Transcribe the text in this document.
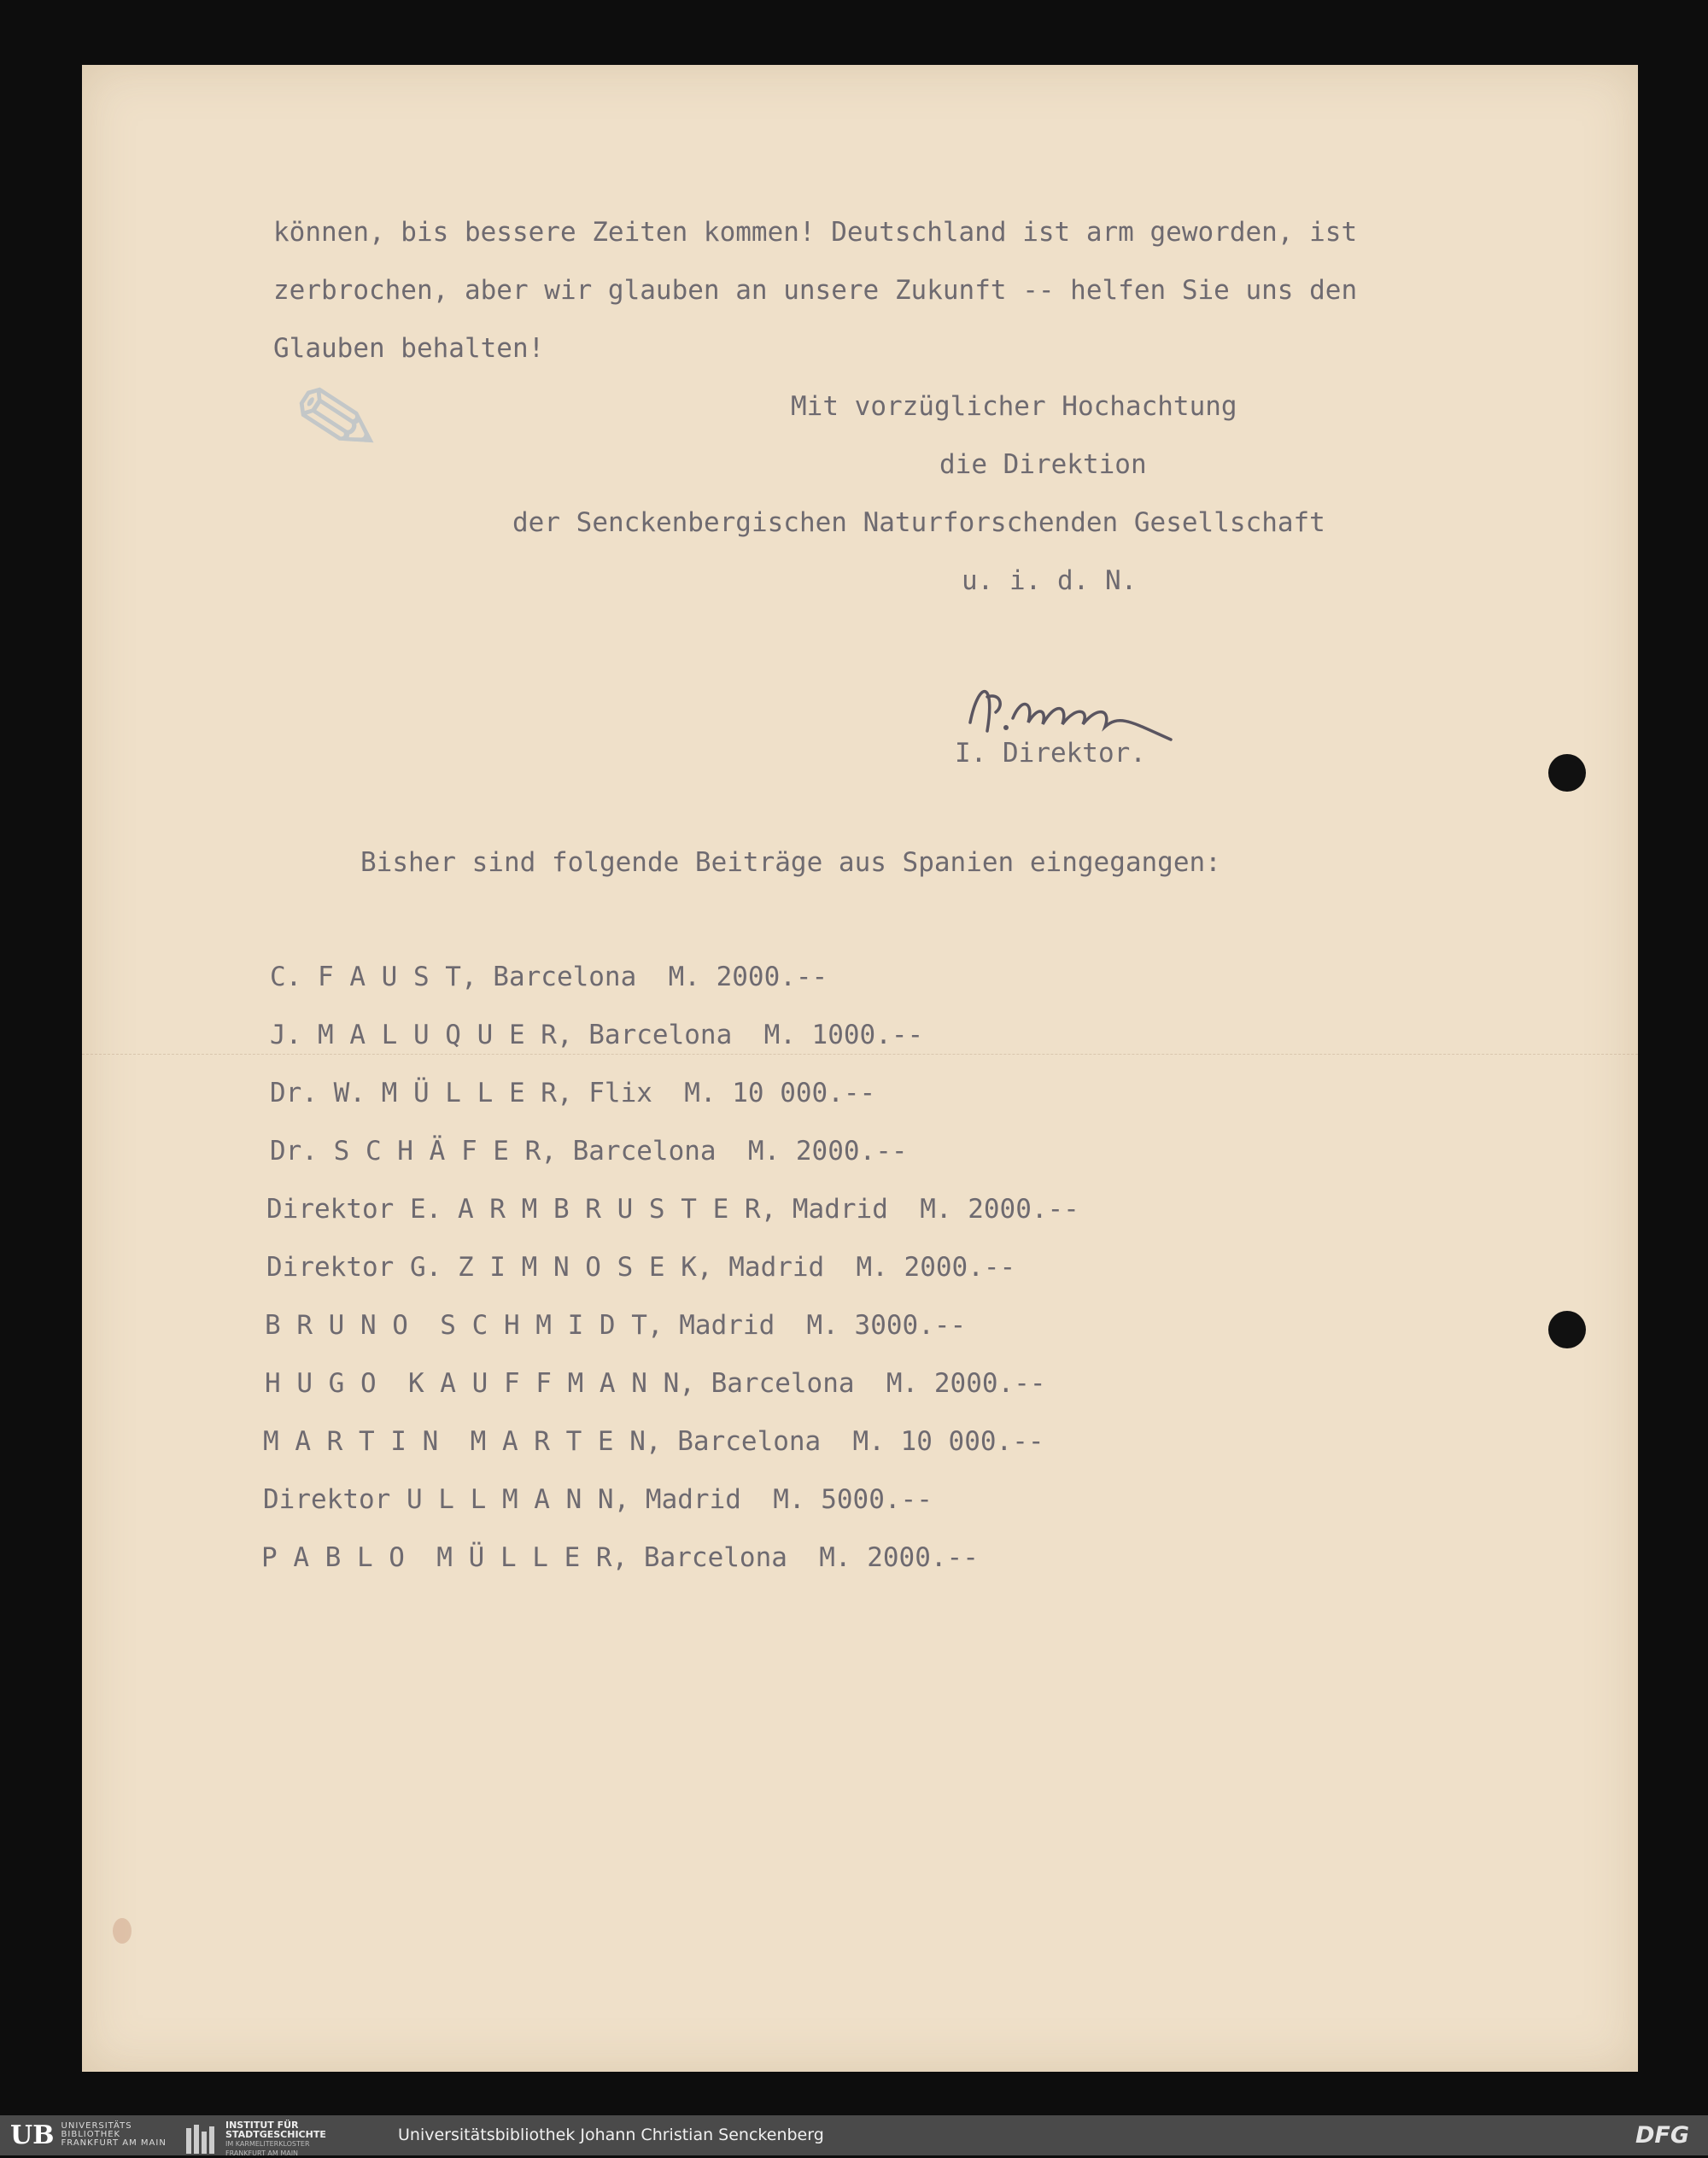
✎

können, bis bessere Zeiten kommen! Deutschland ist arm geworden, ist

zerbrochen, aber wir glauben an unsere Zukunft -- helfen Sie uns den

Glauben behalten!

Mit vorzüglicher Hochachtung

die Direktion

der Senckenbergischen Naturforschenden Gesellschaft

u. i. d. N.

I. Direktor.

Bisher sind folgende Beiträge aus Spanien eingegangen:

C. F A U S T, Barcelona  M. 2000.--

J. M A L U Q U E R, Barcelona  M. 1000.--

Dr. W. M Ü L L E R, Flix  M. 10 000.--

Dr. S C H Ä F E R, Barcelona  M. 2000.--

Direktor E. A R M B R U S T E R, Madrid  M. 2000.--

Direktor G. Z I M N O S E K, Madrid  M. 2000.--

B R U N O  S C H M I D T, Madrid  M. 3000.--

H U G O  K A U F F M A N N, Barcelona  M. 2000.--

M A R T I N  M A R T E N, Barcelona  M. 10 000.--

Direktor U L L M A N N, Madrid  M. 5000.--

P A B L O  M Ü L L E R, Barcelona  M. 2000.--

UB UNIVERSITÄTS
BIBLIOTHEK
FRANKFURT AM MAIN
INSTITUT FÜR
STADTGESCHICHTE
IM KARMELITERKLOSTER
FRANKFURT AM MAIN
Universitätsbibliothek Johann Christian Senckenberg	DFG
